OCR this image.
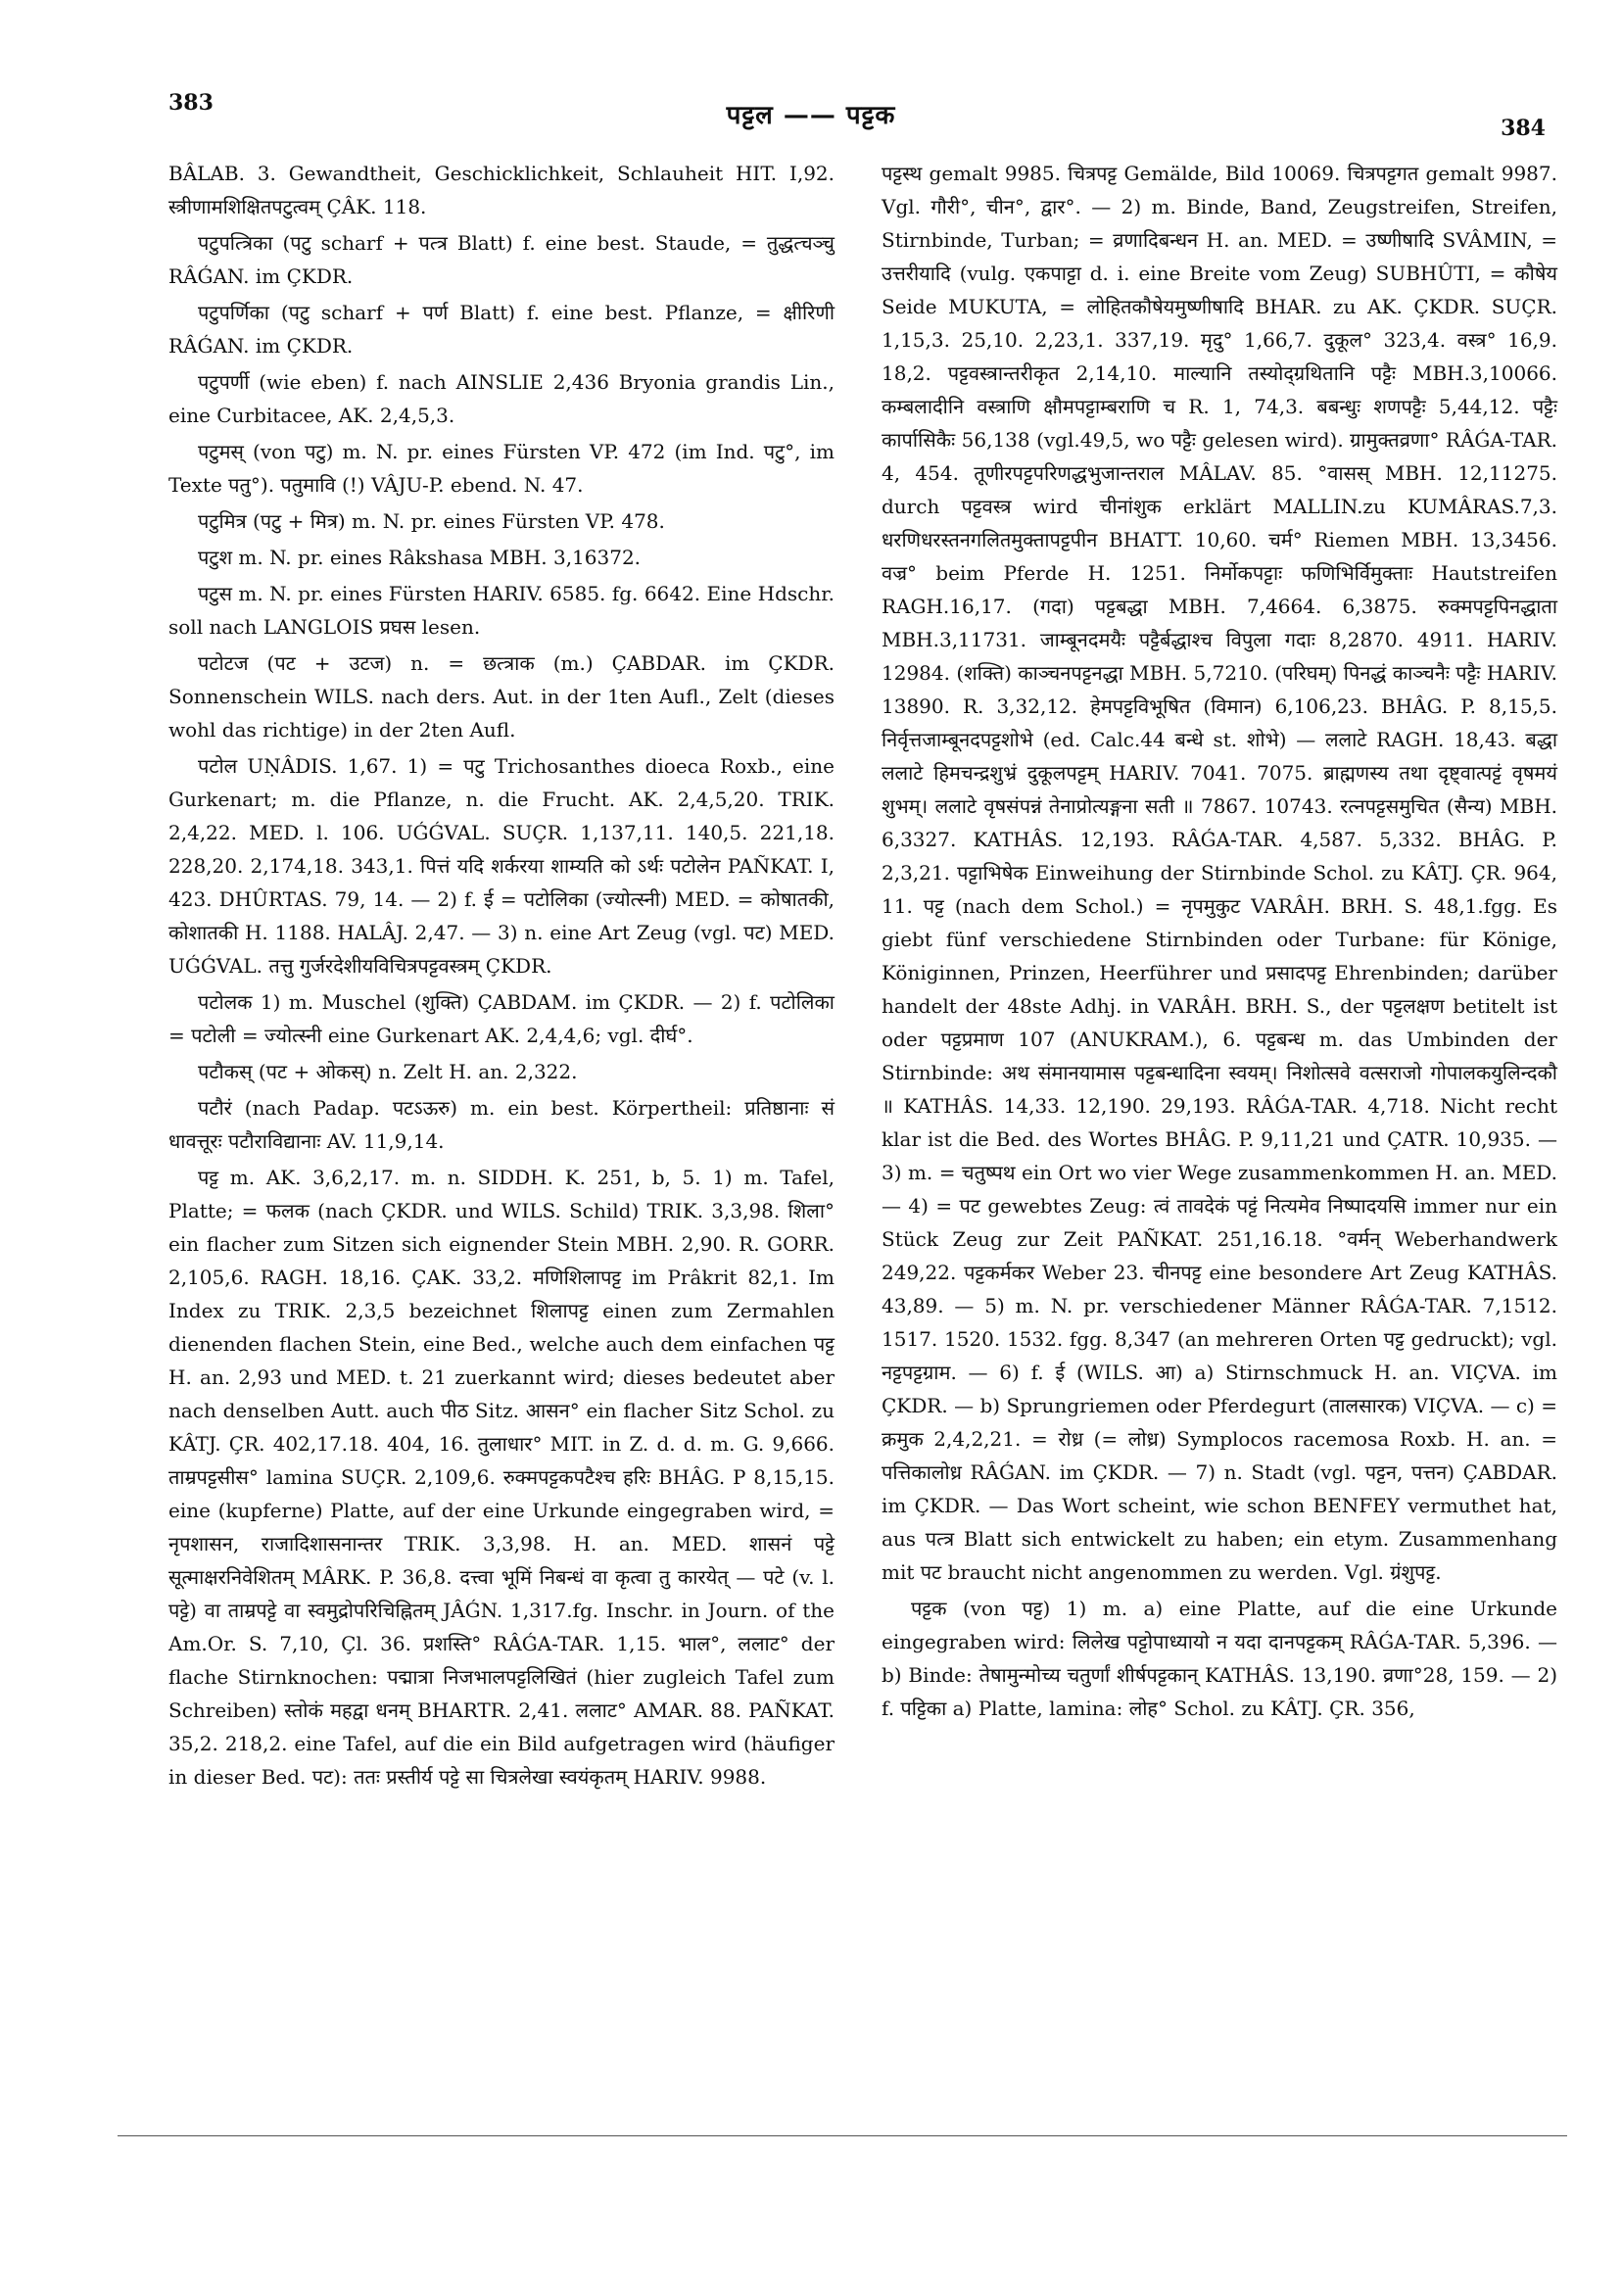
383	पट्टल —— पट्टक	384

BÂLAB. 3. Gewandtheit, Geschicklichkeit, Schlauheit HIT. I,92. स्त्रीणामशिक्षितपटुत्वम् ÇÂK. 118.

पटुपत्त्रिका (पटु scharf + पत्त्र Blatt) f. eine best. Staude, = तुद्धत्चञ्चु RÂǴAN. im ÇKDR.

पटुपर्णिका (पटु scharf + पर्ण Blatt) f. eine best. Pflanze, = क्षीरिणी RÂǴAN. im ÇKDR.

पटुपर्णी (wie eben) f. nach AINSLIE 2,436 Bryonia grandis Lin., eine Curbitacee, AK. 2,4,5,3.

पटुमस् (von पटु) m. N. pr. eines Fürsten VP. 472 (im Ind. पटु°, im Texte पतु°). पतुमावि (!) VÂJU-P. ebend. N. 47.

पटुमित्र (पटु + मित्र) m. N. pr. eines Fürsten VP. 478.

पटुश m. N. pr. eines Râkshasa MBH. 3,16372.

पटुस m. N. pr. eines Fürsten HARIV. 6585. fg. 6642. Eine Hdschr. soll nach LANGLOIS प्रघस lesen.

पटोटज (पट + उटज) n. = छत्त्राक (m.) ÇABDAR. im ÇKDR. Sonnenschein WILS. nach ders. Aut. in der 1ten Aufl., Zelt (dieses wohl das richtige) in der 2ten Aufl.

पटोल UṆÂDIS. 1,67. 1) = पटु Trichosanthes dioeca Roxb., eine Gurkenart; m. die Pflanze, n. die Frucht. AK. 2,4,5,20. TRIK. 2,4,22. MED. l. 106. UǴǴVAL. SUÇR. 1,137,11. 140,5. 221,18. 228,20. 2,174,18. 343,1. पित्तं यदि शर्करया शाम्यति को ऽर्थः पटोलेन PAÑKAT. I, 423. DHÛRTAS. 79, 14. — 2) f. ई = पटोलिका (ज्योत्स्नी) MED. = कोषातकी, कोशातकी H. 1188. HALÂJ. 2,47. — 3) n. eine Art Zeug (vgl. पट) MED. UǴǴVAL. तत्तु गुर्जरदेशीयविचित्रपट्टवस्त्रम् ÇKDR.

पटोलक 1) m. Muschel (शुक्ति) ÇABDAM. im ÇKDR. — 2) f. पटोलिका = पटोली = ज्योत्स्नी eine Gurkenart AK. 2,4,4,6; vgl. दीर्घ°.

पटौकस् (पट + ओकस्) n. Zelt H. an. 2,322.

पटौरं (nach Padap. पटऽऊरु) m. ein best. Körpertheil: प्रतिष्ठानाः सं धावत्तूरः पटौराविद्यानाः AV. 11,9,14.

पट्ट m. AK. 3,6,2,17. m. n. SIDDH. K. 251, b, 5. 1) m. Tafel, Platte; = फलक (nach ÇKDR. und WILS. Schild) TRIK. 3,3,98. शिला° ein flacher zum Sitzen sich eignender Stein MBH. 2,90. R. GORR. 2,105,6. RAGH. 18,16. ÇAK. 33,2. मणिशिलापट्ट im Prâkrit 82,1. Im Index zu TRIK. 2,3,5 bezeichnet शिलापट्ट einen zum Zermahlen dienenden flachen Stein, eine Bed., welche auch dem einfachen पट्ट H. an. 2,93 und MED. t. 21 zuerkannt wird; dieses bedeutet aber nach denselben Autt. auch पीठ Sitz. आसन° ein flacher Sitz Schol. zu KÂTJ. ÇR. 402,17.18. 404, 16. तुलाधार° MIT. in Z. d. d. m. G. 9,666. ताम्रपट्टसीस° lamina SUÇR. 2,109,6. रुक्मपट्टकपटैश्च हरिः BHÂG. P 8,15,15. eine (kupferne) Platte, auf der eine Urkunde eingegraben wird, = नृपशासन, राजादिशासनान्तर TRIK. 3,3,98. H. an. MED. शासनं पट्टे सूत्माक्षरनिवेशितम् MÂRK. P. 36,8. दत्त्वा भूमिं निबन्धं वा कृत्वा तु कारयेत् — पटे (v. l. पट्टे) वा ताम्रपट्टे वा स्वमुद्रोपरिचिह्नितम् JÂǴN. 1,317.fg. Inschr. in Journ. of the Am.Or. S. 7,10, Çl. 36. प्रशस्ति° RÂǴA-TAR. 1,15. भाल°, ललाट° der flache Stirnknochen: पद्मात्रा निजभालपट्टलिखितं (hier zugleich Tafel zum Schreiben) स्तोकं महद्वा धनम् BHARTR. 2,41. ललाट° AMAR. 88. PAÑKAT. 35,2. 218,2. eine Tafel, auf die ein Bild aufgetragen wird (häufiger in dieser Bed. पट): ततः प्रस्तीर्य पट्टे सा चित्रलेखा स्वयंकृतम् HARIV. 9988.

पट्टस्थ gemalt 9985. चित्रपट्ट Gemälde, Bild 10069. चित्रपट्टगत gemalt 9987. Vgl. गौरी°, चीन°, द्वार°. — 2) m. Binde, Band, Zeugstreifen, Streifen, Stirnbinde, Turban; = व्रणादिबन्धन H. an. MED. = उष्णीषादि SVÂMIN, = उत्तरीयादि (vulg. एकपाट्टा d. i. eine Breite vom Zeug) SUBHÛTI, = कौषेय Seide MUKUTA, = लोहितकौषेयमुष्णीषादि BHAR. zu AK. ÇKDR. SUÇR. 1,15,3. 25,10. 2,23,1. 337,19. मृदु° 1,66,7. दुकूल° 323,4. वस्त्र° 16,9. 18,2. पट्टवस्त्रान्तरीकृत 2,14,10. माल्यानि तस्योद्ग्रथितानि पट्टैः MBH.3,10066. कम्बलादीनि वस्त्राणि क्षौमपट्टाम्बराणि च R. 1, 74,3. बबन्धुः शणपट्टैः 5,44,12. पट्टैः कार्पासिकैः 56,138 (vgl.49,5, wo पट्टैः gelesen wird). ग्रामुक्तव्रणा° RÂǴA-TAR. 4, 454. तूणीरपट्टपरिणद्धभुजान्तराल MÂLAV. 85. °वासस् MBH. 12,11275. durch पट्टवस्त्र wird चीनांशुक erklärt MALLIN.zu KUMÂRAS.7,3. धरणिधरस्तनगलितमुक्तापट्टपीन BHATT. 10,60. चर्म° Riemen MBH. 13,3456. वज्र° beim Pferde H. 1251. निर्मोकपट्टाः फणिभिर्विमुक्ताः Hautstreifen RAGH.16,17. (गदा) पट्टबद्धा MBH. 7,4664. 6,3875. रुक्मपट्टपिनद्धाता MBH.3,11731. जाम्बूनदमयैः पट्टैर्बद्धाश्च विपुला गदाः 8,2870. 4911. HARIV. 12984. (शक्ति) काञ्चनपट्टनद्धा MBH. 5,7210. (परिघम्) पिनद्धं काञ्चनैः पट्टैः HARIV. 13890. R. 3,32,12. हेमपट्टविभूषित (विमान) 6,106,23. BHÂG. P. 8,15,5. निर्वृत्तजाम्बूनदपट्टशोभे (ed. Calc.44 बन्धे st. शोभे) — ललाटे RAGH. 18,43. बद्धा ललाटे हिमचन्द्रशुभ्रं दुकूलपट्टम् HARIV. 7041. 7075. ब्राह्मणस्य तथा दृष्ट्वात्पट्टं वृषमयं शुभम्। ललाटे वृषसंपन्नं तेनाप्रोत्यङ्गना सती ॥ 7867. 10743. रत्नपट्टसमुचित (सैन्य) MBH. 6,3327. KATHÂS. 12,193. RÂǴA-TAR. 4,587. 5,332. BHÂG. P. 2,3,21. पट्टाभिषेक Einweihung der Stirnbinde Schol. zu KÂTJ. ÇR. 964, 11. पट्ट (nach dem Schol.) = नृपमुकुट VARÂH. BRH. S. 48,1.fgg. Es giebt fünf verschiedene Stirnbinden oder Turbane: für Könige, Königinnen, Prinzen, Heerführer und प्रसादपट्ट Ehrenbinden; darüber handelt der 48ste Adhj. in VARÂH. BRH. S., der पट्टलक्षण betitelt ist oder पट्टप्रमाण 107 (ANUKRAM.), 6. पट्टबन्ध m. das Umbinden der Stirnbinde: अथ संमानयामास पट्टबन्धादिना स्वयम्। निशोत्सवे वत्सराजो गोपालकयुलिन्दकौ ॥ KATHÂS. 14,33. 12,190. 29,193. RÂǴA-TAR. 4,718. Nicht recht klar ist die Bed. des Wortes BHÂG. P. 9,11,21 und ÇATR. 10,935. — 3) m. = चतुष्पथ ein Ort wo vier Wege zusammenkommen H. an. MED. — 4) = पट gewebtes Zeug: त्वं तावदेकं पट्टं नित्यमेव निष्पादयसि immer nur ein Stück Zeug zur Zeit PAÑKAT. 251,16.18. °वर्मन् Weberhandwerk 249,22. पट्टकर्मकर Weber 23. चीनपट्ट eine besondere Art Zeug KATHÂS. 43,89. — 5) m. N. pr. verschiedener Männer RÂǴA-TAR. 7,1512. 1517. 1520. 1532. fgg. 8,347 (an mehreren Orten पट्ट gedruckt); vgl. नट्टपट्टग्राम. — 6) f. ई (WILS. आ) a) Stirnschmuck H. an. VIÇVA. im ÇKDR. — b) Sprungriemen oder Pferdegurt (तालसारक) VIÇVA. — c) = क्रमुक 2,4,2,21. = रोध्र (= लोध्र) Symplocos racemosa Roxb. H. an. = पत्तिकालोध्र RÂǴAN. im ÇKDR. — 7) n. Stadt (vgl. पट्टन, पत्तन) ÇABDAR. im ÇKDR. — Das Wort scheint, wie schon BENFEY vermuthet hat, aus पत्त्र Blatt sich entwickelt zu haben; ein etym. Zusammenhang mit पट braucht nicht angenommen zu werden. Vgl. ग्रंशुपट्ट.

पट्टक (von पट्ट) 1) m. a) eine Platte, auf die eine Urkunde eingegraben wird: लिलेख पट्टोपाध्यायो न यदा दानपट्टकम् RÂǴA-TAR. 5,396. — b) Binde: तेषामुन्मोच्य चतुर्णां शीर्षपट्टकान् KATHÂS. 13,190. व्रणा°28, 159. — 2) f. पट्टिका a) Platte, lamina: लोह° Schol. zu KÂTJ. ÇR. 356,
